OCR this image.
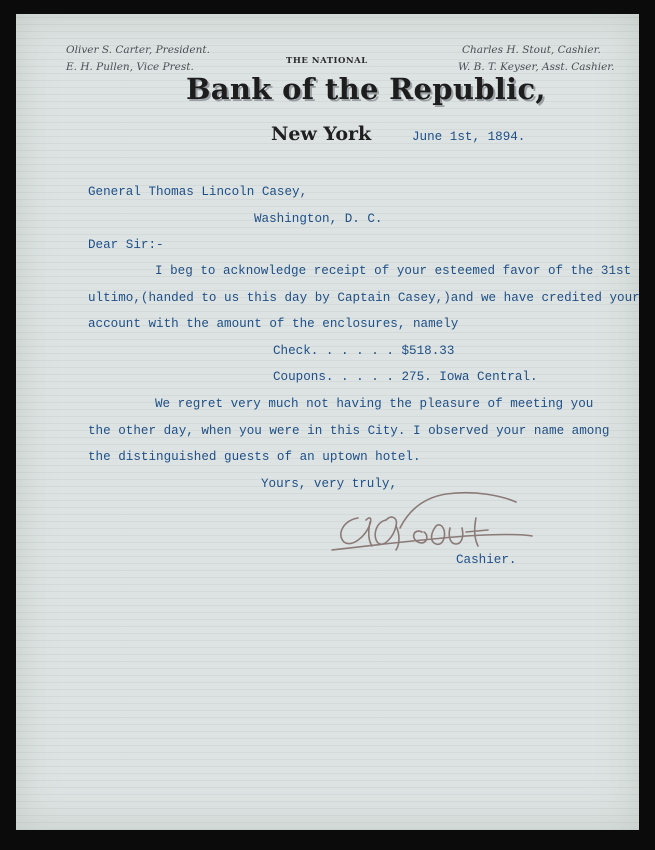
Oliver S. Carter, President.
E. H. Pullen, Vice Prest.
Charles H. Stout, Cashier.
W. B. T. Keyser, Asst. Cashier.
THE NATIONAL
Bank of the Republic,
New York	June 1st, 1894.
General Thomas Lincoln Casey,
Washington, D. C.
Dear Sir:-
I beg to acknowledge receipt of your esteemed favor of the 31st
ultimo,(handed to us this day by Captain Casey,)and we have credited your
account with the amount of the enclosures, namely
Check. . . . . . $518.33
Coupons. . . . . 275. Iowa Central.
We regret very much not having the pleasure of meeting you
the other day, when you were in this City. I observed your name among
the distinguished guests of an uptown hotel.
Yours, very truly,
Cashier.
